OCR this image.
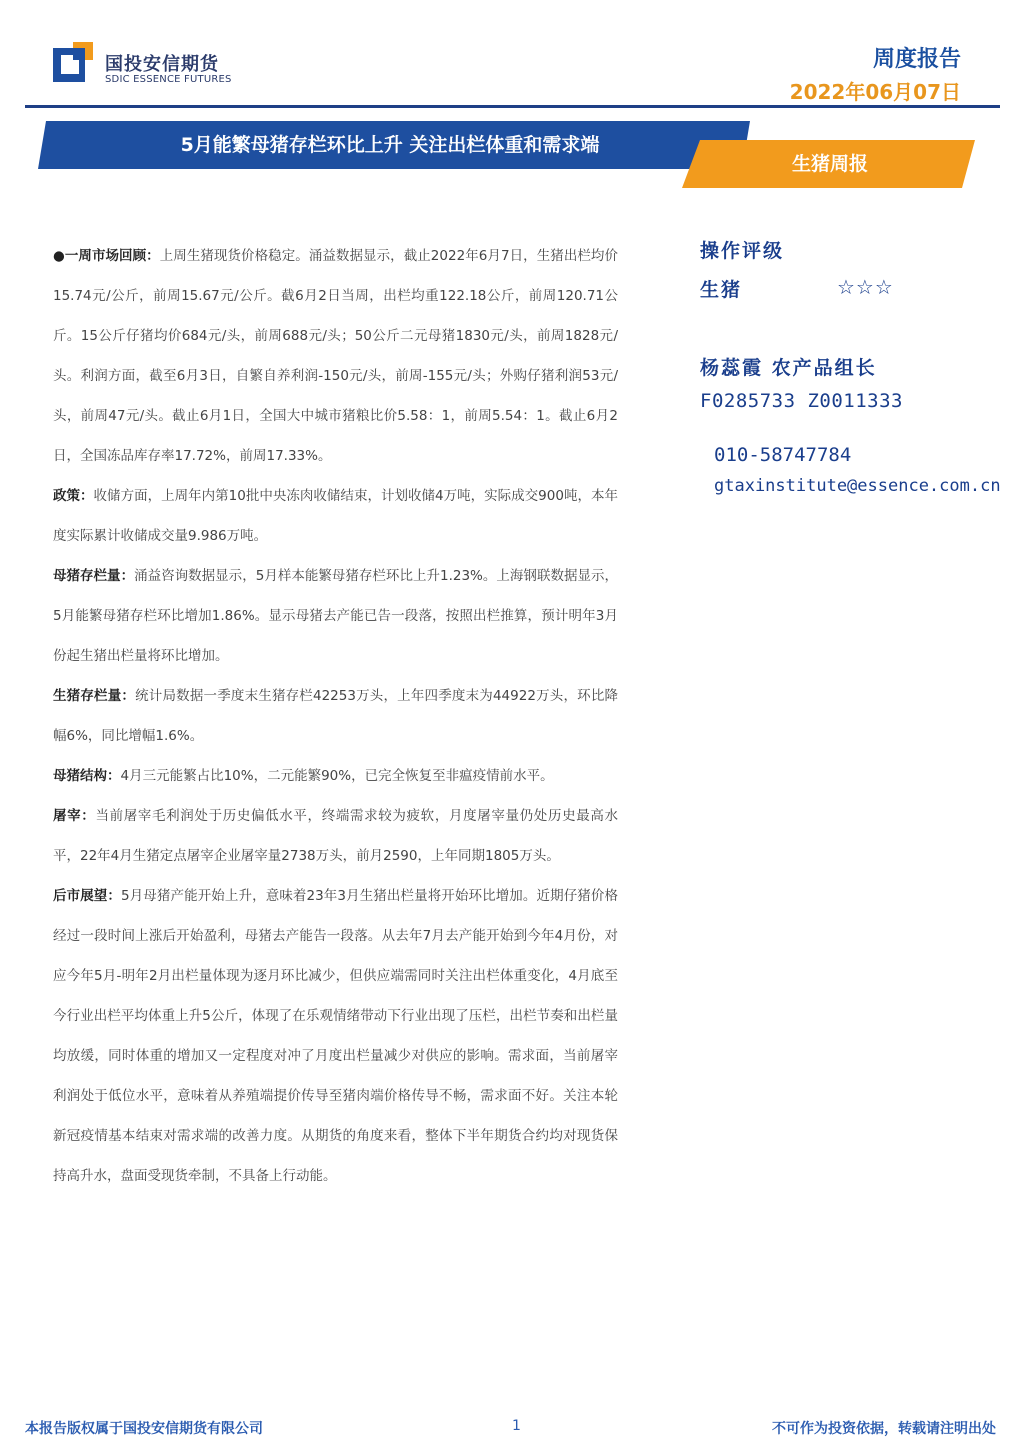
国投安信期货
SDIC ESSENCE FUTURES
周度报告
2022年06月07日
5月能繁母猪存栏环比上升 关注出栏体重和需求端
生猪周报

●一周市场回顾：上周生猪现货价格稳定。涌益数据显示，截止2022年6月7日，生猪出栏均价15.74元/公斤，前周15.67元/公斤。截6月2日当周，出栏均重122.18公斤，前周120.71公斤。15公斤仔猪均价684元/头，前周688元/头；50公斤二元母猪1830元/头，前周1828元/头。利润方面，截至6月3日，自繁自养利润-150元/头，前周-155元/头；外购仔猪利润53元/头，前周47元/头。截止6月1日，全国大中城市猪粮比价5.58：1，前周5.54：1。截止6月2日，全国冻品库存率17.72%，前周17.33%。

政策：收储方面，上周年内第10批中央冻肉收储结束，计划收储4万吨，实际成交900吨，本年度实际累计收储成交量9.986万吨。

母猪存栏量：涌益咨询数据显示，5月样本能繁母猪存栏环比上升1.23%。上海钢联数据显示，5月能繁母猪存栏环比增加1.86%。显示母猪去产能已告一段落，按照出栏推算，预计明年3月份起生猪出栏量将环比增加。

生猪存栏量：统计局数据一季度末生猪存栏42253万头，上年四季度末为44922万头，环比降幅6%，同比增幅1.6%。

母猪结构：4月三元能繁占比10%，二元能繁90%，已完全恢复至非瘟疫情前水平。

屠宰：当前屠宰毛利润处于历史偏低水平，终端需求较为疲软，月度屠宰量仍处历史最高水平，22年4月生猪定点屠宰企业屠宰量2738万头，前月2590，上年同期1805万头。

后市展望：5月母猪产能开始上升，意味着23年3月生猪出栏量将开始环比增加。近期仔猪价格经过一段时间上涨后开始盈利，母猪去产能告一段落。从去年7月去产能开始到今年4月份，对应今年5月-明年2月出栏量体现为逐月环比减少，但供应端需同时关注出栏体重变化，4月底至今行业出栏平均体重上升5公斤，体现了在乐观情绪带动下行业出现了压栏，出栏节奏和出栏量均放缓，同时体重的增加又一定程度对冲了月度出栏量减少对供应的影响。需求面，当前屠宰利润处于低位水平，意味着从养殖端提价传导至猪肉端价格传导不畅，需求面不好。关注本轮新冠疫情基本结束对需求端的改善力度。从期货的角度来看，整体下半年期货合约均对现货保持高升水，盘面受现货牵制，不具备上行动能。

操作评级
生猪	☆☆☆
杨蕊霞 农产品组长
F0285733 Z0011333
010-58747784
gtaxinstitute@essence.com.cn
本报告版权属于国投安信期货有限公司	1	不可作为投资依据，转载请注明出处
